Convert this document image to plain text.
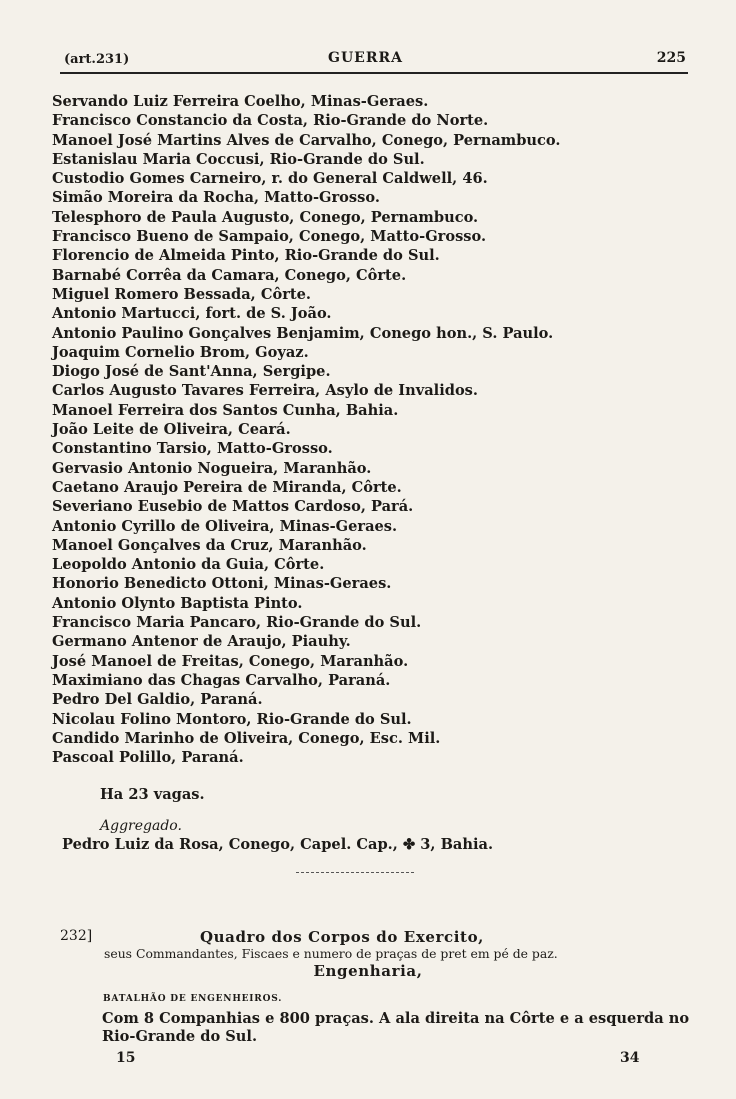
(art.231)	GUERRA	225
Servando Luiz Ferreira Coelho, Minas-Geraes.
Francisco Constancio da Costa, Rio-Grande do Norte.
Manoel José Martins Alves de Carvalho, Conego, Pernambuco.
Estanislau Maria Coccusi, Rio-Grande do Sul.
Custodio Gomes Carneiro, r. do General Caldwell, 46.
Simão Moreira da Rocha, Matto-Grosso.
Telesphoro de Paula Augusto, Conego, Pernambuco.
Francisco Bueno de Sampaio, Conego, Matto-Grosso.
Florencio de Almeida Pinto, Rio-Grande do Sul.
Barnabé Corrêa da Camara, Conego, Côrte.
Miguel Romero Bessada, Côrte.
Antonio Martucci, fort. de S. João.
Antonio Paulino Gonçalves Benjamim, Conego hon., S. Paulo.
Joaquim Cornelio Brom, Goyaz.
Diogo José de Sant'Anna, Sergipe.
Carlos Augusto Tavares Ferreira, Asylo de Invalidos.
Manoel Ferreira dos Santos Cunha, Bahia.
João Leite de Oliveira, Ceará.
Constantino Tarsio, Matto-Grosso.
Gervasio Antonio Nogueira, Maranhão.
Caetano Araujo Pereira de Miranda, Côrte.
Severiano Eusebio de Mattos Cardoso, Pará.
Antonio Cyrillo de Oliveira, Minas-Geraes.
Manoel Gonçalves da Cruz, Maranhão.
Leopoldo Antonio da Guia, Côrte.
Honorio Benedicto Ottoni, Minas-Geraes.
Antonio Olynto Baptista Pinto.
Francisco Maria Pancaro, Rio-Grande do Sul.
Germano Antenor de Araujo, Piauhy.
José Manoel de Freitas, Conego, Maranhão.
Maximiano das Chagas Carvalho, Paraná.
Pedro Del Galdio, Paraná.
Nicolau Folino Montoro, Rio-Grande do Sul.
Candido Marinho de Oliveira, Conego, Esc. Mil.
Pascoal Polillo, Paraná.
Ha 23 vagas.
Aggregado.
Pedro Luiz da Rosa, Conego, Capel. Cap., ✤ 3, Bahia.
232]	Quadro dos Corpos do Exercito,
seus Commandantes, Fiscaes e numero de praças de pret em pé de paz.
Engenharia,
BATALHÃO DE ENGENHEIROS.
Com 8 Companhias e 800 praças. A ala direita na Côrte e a esquerda no Rio-Grande do Sul.
15	34
